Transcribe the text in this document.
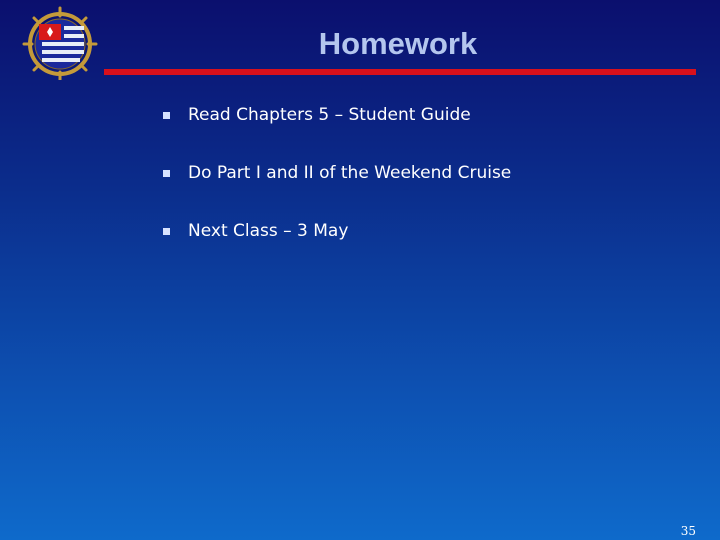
Homework
Read Chapters 5 – Student Guide
Do Part I and II of the Weekend Cruise
Next Class – 3 May
35
